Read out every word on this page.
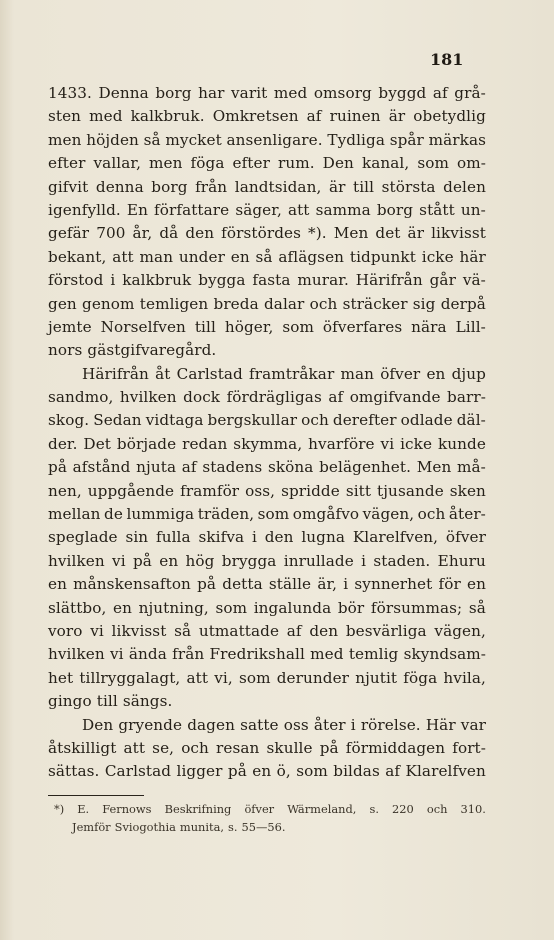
181
1433. Denna borg har varit med omsorg byggd af grå-
sten med kalkbruk. Omkretsen af ruinen är obetydlig
men höjden så mycket ansenligare. Tydliga spår märkas
efter vallar, men föga efter rum. Den kanal, som om-
gifvit denna borg från landtsidan, är till största delen
igenfylld. En författare säger, att samma borg stått un-
gefär 700 år, då den förstördes *). Men det är likvisst
bekant, att man under en så aflägsen tidpunkt icke här
förstod i kalkbruk bygga fasta murar. Härifrån går vä-
gen genom temligen breda dalar och sträcker sig derpå
jemte Norselfven till höger, som öfverfares nära Lill-
nors gästgifvaregård.
Härifrån åt Carlstad framtråkar man öfver en djup
sandmo, hvilken dock fördrägligas af omgifvande barr-
skog. Sedan vidtaga bergskullar och derefter odlade däl-
der. Det började redan skymma, hvarföre vi icke kunde
på afstånd njuta af stadens sköna belägenhet. Men må-
nen, uppgående framför oss, spridde sitt tjusande sken
mellan de lummiga träden, som omgåfvo vägen, och åter-
speglade sin fulla skifva i den lugna Klarelfven, öfver
hvilken vi på en hög brygga inrullade i staden. Ehuru
en månskensafton på detta ställe är, i synnerhet för en
slättbo, en njutning, som ingalunda bör försummas; så
voro vi likvisst så utmattade af den besvärliga vägen,
hvilken vi ända från Fredrikshall med temlig skyndsam-
het tillryggalagt, att vi, som derunder njutit föga hvila,
gingo till sängs.
Den gryende dagen satte oss åter i rörelse. Här var
åtskilligt att se, och resan skulle på förmiddagen fort-
sättas. Carlstad ligger på en ö, som bildas af Klarelfven
*) E. Fernows Beskrifning öfver Wärmeland, s. 220 och 310.
Jemför Sviogothia munita, s. 55—56.
